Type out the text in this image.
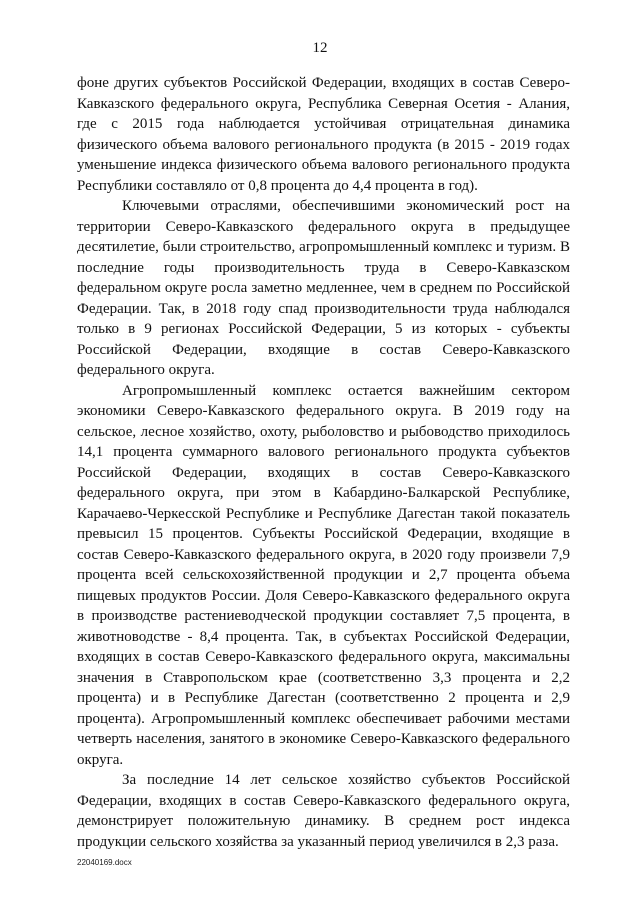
12

фоне других субъектов Российской Федерации, входящих в состав Северо-Кавказского федерального округа, Республика Северная Осетия - Алания, где с 2015 года наблюдается устойчивая отрицательная динамика физического объема валового регионального продукта (в 2015 - 2019 годах уменьшение индекса физического объема валового регионального продукта Республики составляло от 0,8 процента до 4,4 процента в год).

Ключевыми отраслями, обеспечившими экономический рост на территории Северо-Кавказского федерального округа в предыдущее десятилетие, были строительство, агропромышленный комплекс и туризм. В последние годы производительность труда в Северо-Кавказском федеральном округе росла заметно медленнее, чем в среднем по Российской Федерации. Так, в 2018 году спад производительности труда наблюдался только в 9 регионах Российской Федерации, 5 из которых - субъекты Российской Федерации, входящие в состав Северо-Кавказского федерального округа.

Агропромышленный комплекс остается важнейшим сектором экономики Северо-Кавказского федерального округа. В 2019 году на сельское, лесное хозяйство, охоту, рыболовство и рыбоводство приходилось 14,1 процента суммарного валового регионального продукта субъектов Российской Федерации, входящих в состав Северо-Кавказского федерального округа, при этом в Кабардино-Балкарской Республике, Карачаево-Черкесской Республике и Республике Дагестан такой показатель превысил 15 процентов. Субъекты Российской Федерации, входящие в состав Северо-Кавказского федерального округа, в 2020 году произвели 7,9 процента всей сельскохозяйственной продукции и 2,7 процента объема пищевых продуктов России. Доля Северо-Кавказского федерального округа в производстве растениеводческой продукции составляет 7,5 процента, в животноводстве - 8,4 процента. Так, в субъектах Российской Федерации, входящих в состав Северо-Кавказского федерального округа, максимальны значения в Ставропольском крае (соответственно 3,3 процента и 2,2 процента) и в Республике Дагестан (соответственно 2 процента и 2,9 процента). Агропромышленный комплекс обеспечивает рабочими местами четверть населения, занятого в экономике Северо-Кавказского федерального округа.

За последние 14 лет сельское хозяйство субъектов Российской Федерации, входящих в состав Северо-Кавказского федерального округа, демонстрирует положительную динамику. В среднем рост индекса продукции сельского хозяйства за указанный период увеличился в 2,3 раза.

22040169.docx
